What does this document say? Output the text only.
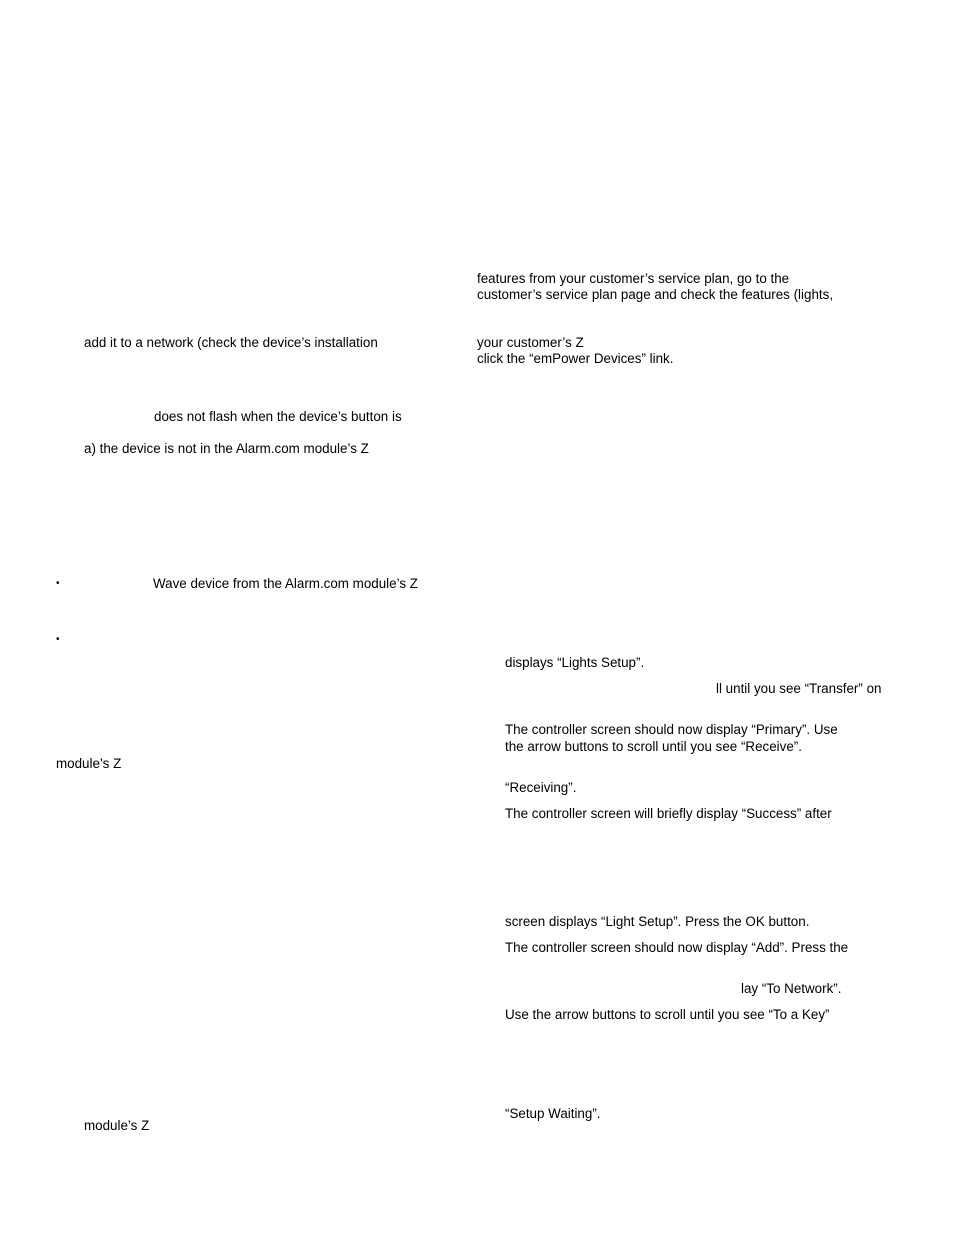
add it to a network (check the device’s installation
does not flash when the device’s button is
a) the device is not in the Alarm.com module’s Z
•	Wave device from the Alarm.com module’s Z
•
module’s Z
module’s Z
features from your customer’s service plan, go to the
customer’s service plan page and check the features (lights,
your customer’s Z
click the “emPower Devices” link.
displays “Lights Setup”.
ll until you see “Transfer” on
The controller screen should now display “Primary”. Use
the arrow buttons to scroll until you see “Receive”.
“Receiving”.
The controller screen will briefly display “Success” after
screen displays “Light Setup”. Press the OK button.
The controller screen should now display “Add”. Press the
lay “To Network”.
Use the arrow buttons to scroll until you see “To a Key”
“Setup Waiting”.
